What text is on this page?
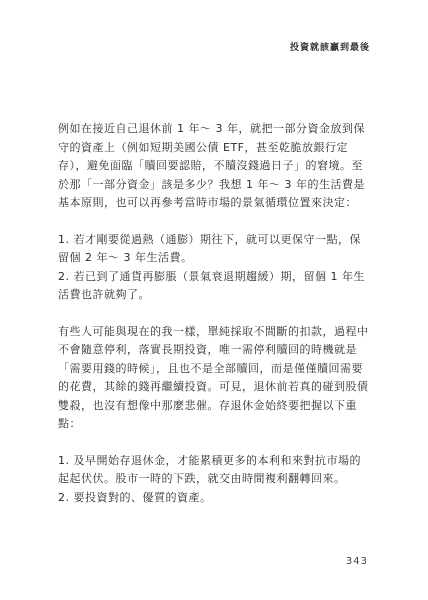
投資就該贏到最後

例如在接近自己退休前 1 年～ 3 年，就把一部分資金放到保守的資產上（例如短期美國公債 ETF，甚至乾脆放銀行定存），避免面臨「贖回要認賠，不贖沒錢過日子」的窘境。至於那「一部分資金」該是多少？我想 1 年～ 3 年的生活費是基本原則，也可以再參考當時市場的景氣循環位置來決定：

1. 若才剛要從過熱（通膨）期往下，就可以更保守一點，保留個 2 年～ 3 年生活費。

2. 若已到了通貨再膨脹（景氣衰退期趨緩）期，留個 1 年生活費也許就夠了。

有些人可能與現在的我一樣，單純採取不間斷的扣款，過程中不會隨意停利，落實長期投資，唯一需停利贖回的時機就是「需要用錢的時候」，且也不是全部贖回，而是僅僅贖回需要的花費，其餘的錢再繼續投資。可見，退休前若真的碰到股債雙殺，也沒有想像中那麼悲催。存退休金始終要把握以下重點：

1. 及早開始存退休金，才能累積更多的本利和來對抗市場的起起伏伏。股市一時的下跌，就交由時間複利翻轉回來。

2. 要投資對的、優質的資產。

343
